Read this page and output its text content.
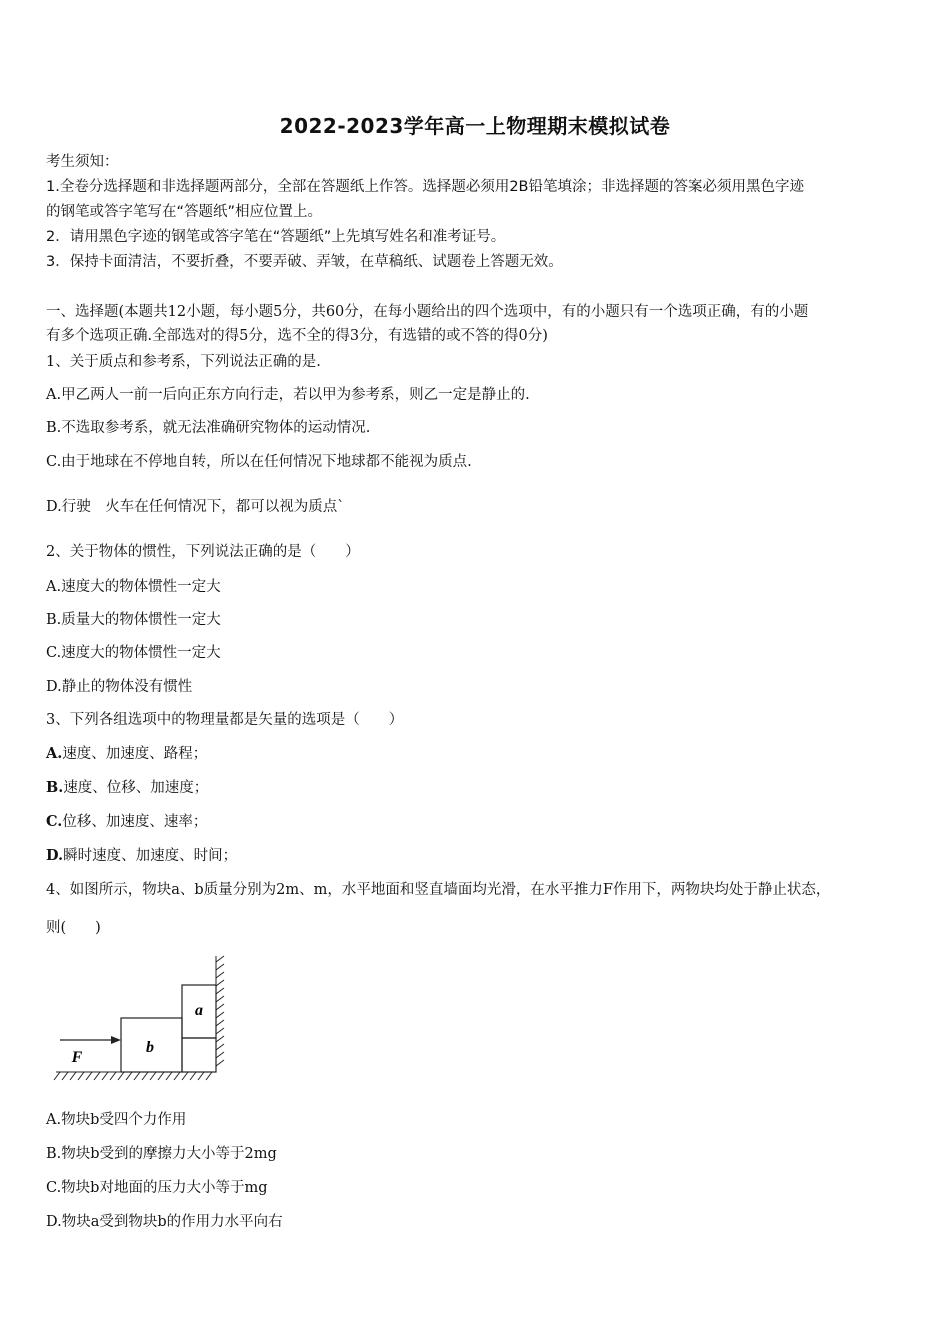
2022-2023学年高一上物理期末模拟试卷
考生须知：
1.全卷分选择题和非选择题两部分，全部在答题纸上作答。选择题必须用2B铅笔填涂；非选择题的答案必须用黑色字迹
的钢笔或答字笔写在“答题纸”相应位置上。
2．请用黑色字迹的钢笔或答字笔在“答题纸”上先填写姓名和准考证号。
3．保持卡面清洁，不要折叠，不要弄破、弄皱，在草稿纸、试题卷上答题无效。
一、选择题(本题共12小题，每小题5分，共60分，在每小题给出的四个选项中，有的小题只有一个选项正确，有的小题
有多个选项正确.全部选对的得5分，选不全的得3分，有选错的或不答的得0分)
1、关于质点和参考系，下列说法正确的是.
A.甲乙两人一前一后向正东方向行走，若以甲为参考系，则乙一定是静止的.
B.不选取参考系，就无法准确研究物体的运动情况.
C.由于地球在不停地自转，所以在任何情况下地球都不能视为质点.
D.行驶　火车在任何情况下，都可以视为质点`
2、关于物体的惯性，下列说法正确的是（　　）
A.速度大的物体惯性一定大
B.质量大的物体惯性一定大
C.速度大的物体惯性一定大
D.静止的物体没有惯性
3、下列各组选项中的物理量都是矢量的选项是（　　）
A.速度、加速度、路程；
B.速度、位移、加速度；
C.位移、加速度、速率；
D.瞬时速度、加速度、时间；
4、如图所示，物块a、b质量分别为2m、m，水平地面和竖直墙面均光滑，在水平推力F作用下，两物块均处于静止状态，
则(　　)
b
a
F
A.物块b受四个力作用
B.物块b受到的摩擦力大小等于2mg
C.物块b对地面的压力大小等于mg
D.物块a受到物块b的作用力水平向右
